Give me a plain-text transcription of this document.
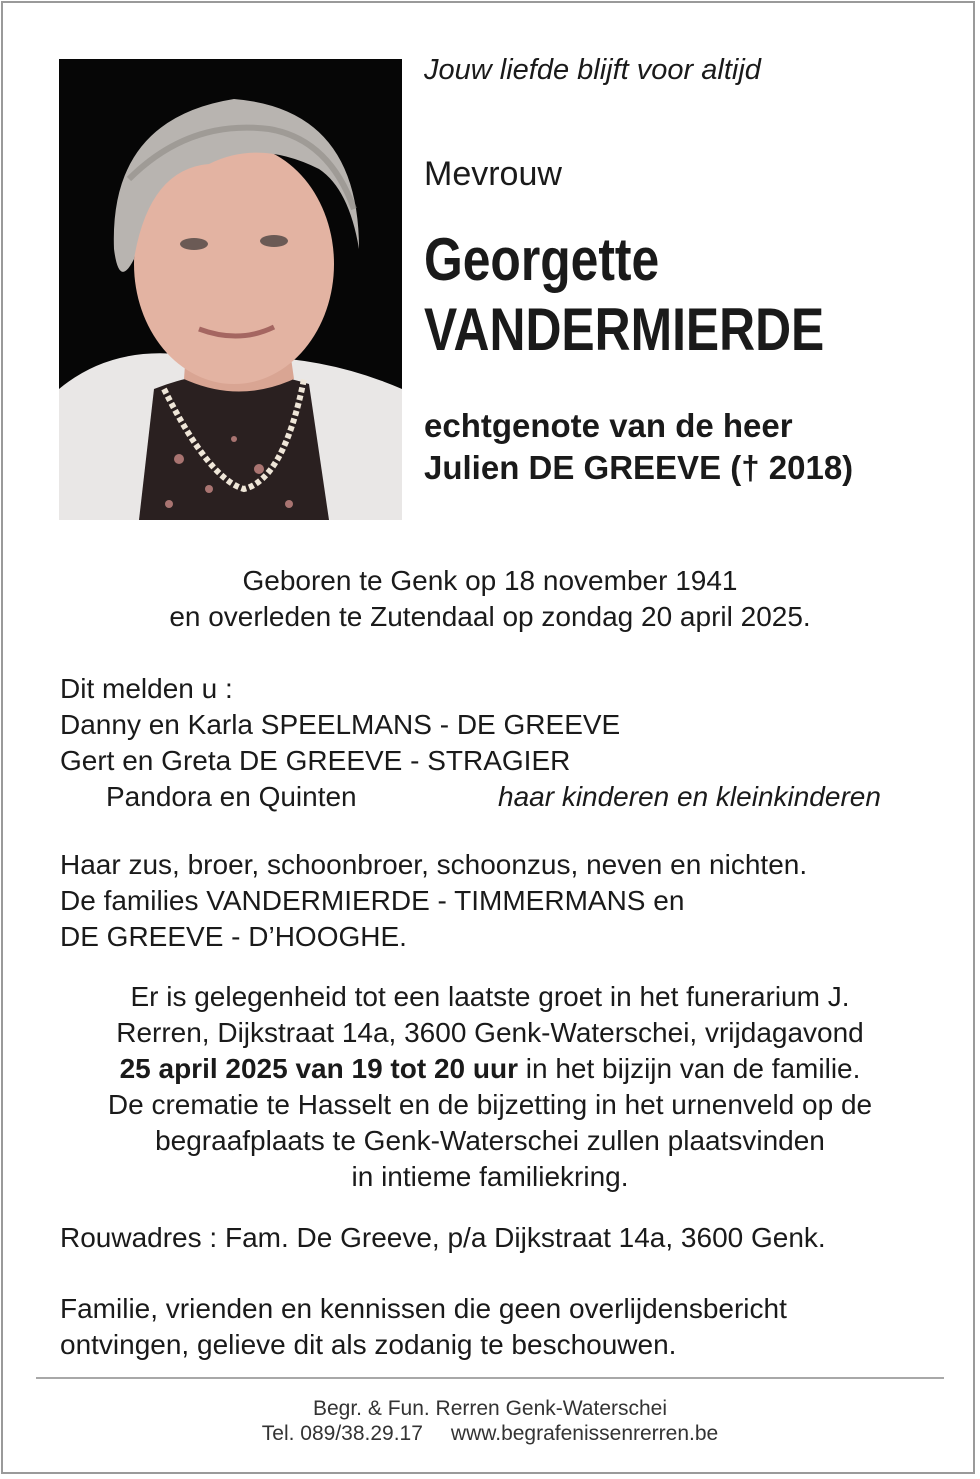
Jouw liefde blijft voor altijd
Mevrouw
Georgette
VANDERMIERDE
echtgenote van de heer
Julien DE GREEVE († 2018)
Geboren te Genk op 18 november 1941
en overleden te Zutendaal op zondag 20 april 2025.
Dit melden u :
Danny en Karla SPEELMANS - DE GREEVE
Gert en Greta DE GREEVE - STRAGIER
Pandora en Quinten	haar kinderen en kleinkinderen
Haar zus, broer, schoonbroer, schoonzus, neven en nichten.
De families VANDERMIERDE - TIMMERMANS en
DE GREEVE - D’HOOGHE.
Er is gelegenheid tot een laatste groet in het funerarium J.
Rerren, Dijkstraat 14a, 3600 Genk-Waterschei, vrijdagavond
25 april 2025 van 19 tot 20 uur in het bijzijn van de familie.
De crematie te Hasselt en de bijzetting in het urnenveld op de
begraafplaats te Genk-Waterschei zullen plaatsvinden
in intieme familiekring.
Rouwadres : Fam. De Greeve, p/a Dijkstraat 14a, 3600 Genk.
Familie, vrienden en kennissen die geen overlijdensbericht
ontvingen, gelieve dit als zodanig te beschouwen.
Begr. & Fun. Rerren Genk-Waterschei
Tel. 089/38.29.17 www.begrafenissenrerren.be
